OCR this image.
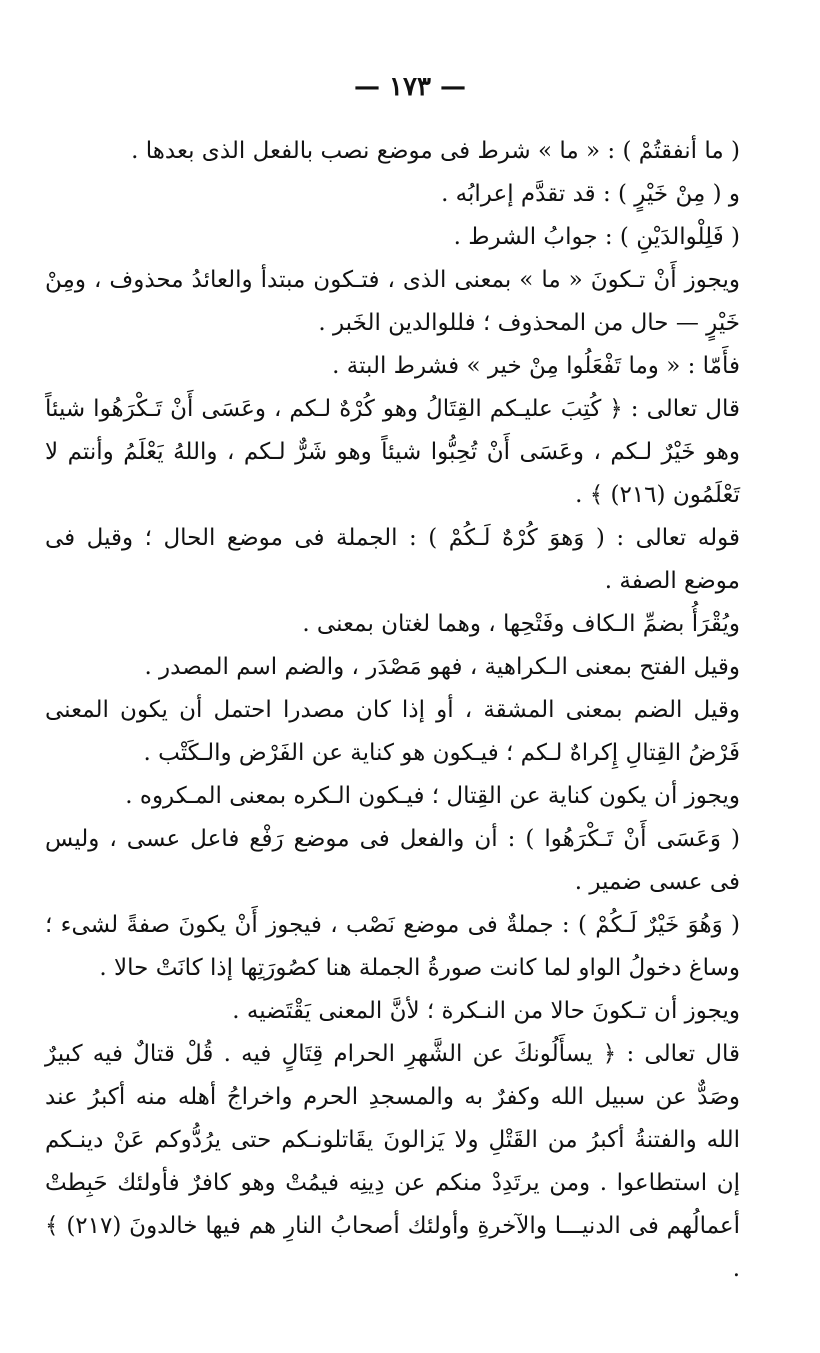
— ١٧٣ —

( ما أنفقتُمْ ) : « ما » شرط فى موضع نصب بالفعل الذى بعدها .

و ( مِنْ خَيْرٍ ) : قد تقدَّم إعرابُه .

( فَلِلْوالدَيْنِ ) : جوابُ الشرط .

ويجوز أَنْ تـكونَ « ما » بمعنى الذى ، فتـكون مبتدأ والعائدُ محذوف ، ومِنْ خَيْرٍ — حال من المحذوف ؛ فللوالدين الخَبر .

فأَمّا : « وما تَفْعَلُوا مِنْ خير » فشرط البتة .

قال تعالى : ﴿ كُتِبَ عليـكم القِتَالُ وهو كُرْهٌ لـكم ، وعَسَى أَنْ تَـكْرَهُوا شيئاً وهو خَيْرٌ لـكم ، وعَسَى أَنْ تُحِبُّوا شيئاً وهو شَرٌّ لـكم ، واللهُ يَعْلَمُ وأنتم لا تَعْلَمُون (٢١٦) ﴾ .

قوله تعالى : ( وَهوَ كُرْهٌ لَـكُمْ ) : الجملة فى موضع الحال ؛ وقيل فى موضع الصفة .

ويُقْرَأُ بضمِّ الـكاف وفَتْحِها ، وهما لغتان بمعنى .

وقيل الفتح بمعنى الـكراهية ، فهو مَصْدَر ، والضم اسم المصدر .

وقيل الضم بمعنى المشقة ، أو إذا كان مصدرا احتمل أن يكون المعنى فَرْضُ القِتالِ إِكراهٌ لـكم ؛ فيـكون هو كناية عن الفَرْض والـكَتْب .

ويجوز أن يكون كناية عن القِتال ؛ فيـكون الـكره بمعنى المـكروه .

( وَعَسَى أَنْ تَـكْرَهُوا ) : أن والفعل فى موضع رَفْع فاعل عسى ، وليس فى عسى ضمير .

( وَهُوَ خَيْرٌ لَـكُمْ ) : جملةٌ فى موضع نَصْب ، فيجوز أَنْ يكونَ صفةً لشىء ؛ وساغ دخولُ الواو لما كانت صورةُ الجملة هنا كصُورَتِها إذا كانَتْ حالا .

ويجوز أن تـكونَ حالا من النـكرة ؛ لأنَّ المعنى يَقْتَضيه .

قال تعالى : ﴿ يسأَلُونكَ عن الشَّهرِ الحرام قِتَالٍ فيه . قُلْ قتالٌ فيه كبيرٌ وصَدٌّ عن سبيل الله وكفرٌ به والمسجدِ الحرم واخراجُ أهله منه أكبرُ عند الله والفتنةُ أكبرُ من القَتْلِ ولا يَزالونَ يقَاتلونـكم حتى يرُدُّوكم عَنْ دينـكم إن استطاعوا . ومن يرتَدِدْ منكم عن دِينِه فيمُتْ وهو كافرٌ فأولئك حَبِطتْ أعمالُهم فى الدنيـــا والآخرةِ وأولئك أصحابُ النارِ هم فيها خالدونَ (٢١٧) ﴾ .
